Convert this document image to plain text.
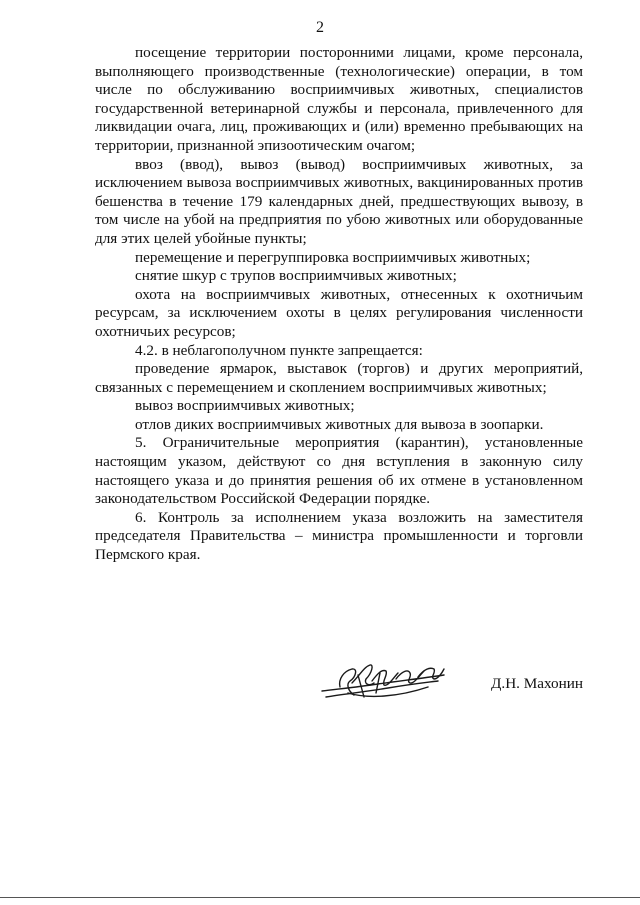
2

посещение территории посторонними лицами, кроме персонала, выполняющего производственные (технологические) операции, в том числе по обслуживанию восприимчивых животных, специалистов государственной ветеринарной службы и персонала, привлеченного для ликвидации очага, лиц, проживающих и (или) временно пребывающих на территории, признанной эпизоотическим очагом;

ввоз (ввод), вывоз (вывод) восприимчивых животных, за исключением вывоза восприимчивых животных, вакцинированных против бешенства в течение 179 календарных дней, предшествующих вывозу, в том числе на убой на предприятия по убою животных или оборудованные для этих целей убойные пункты;

перемещение и перегруппировка восприимчивых животных;

снятие шкур с трупов восприимчивых животных;

охота на восприимчивых животных, отнесенных к охотничьим ресурсам, за исключением охоты в целях регулирования численности охотничьих ресурсов;

4.2. в неблагополучном пункте запрещается:

проведение ярмарок, выставок (торгов) и других мероприятий, связанных с перемещением и скоплением восприимчивых животных;

вывоз восприимчивых животных;

отлов диких восприимчивых животных для вывоза в зоопарки.

5. Ограничительные мероприятия (карантин), установленные настоящим указом, действуют со дня вступления в законную силу настоящего указа и до принятия решения об их отмене в установленном законодательством Российской Федерации порядке.

6. Контроль за исполнением указа возложить на заместителя председателя Правительства – министра промышленности и торговли Пермского края.

Д.Н. Махонин
